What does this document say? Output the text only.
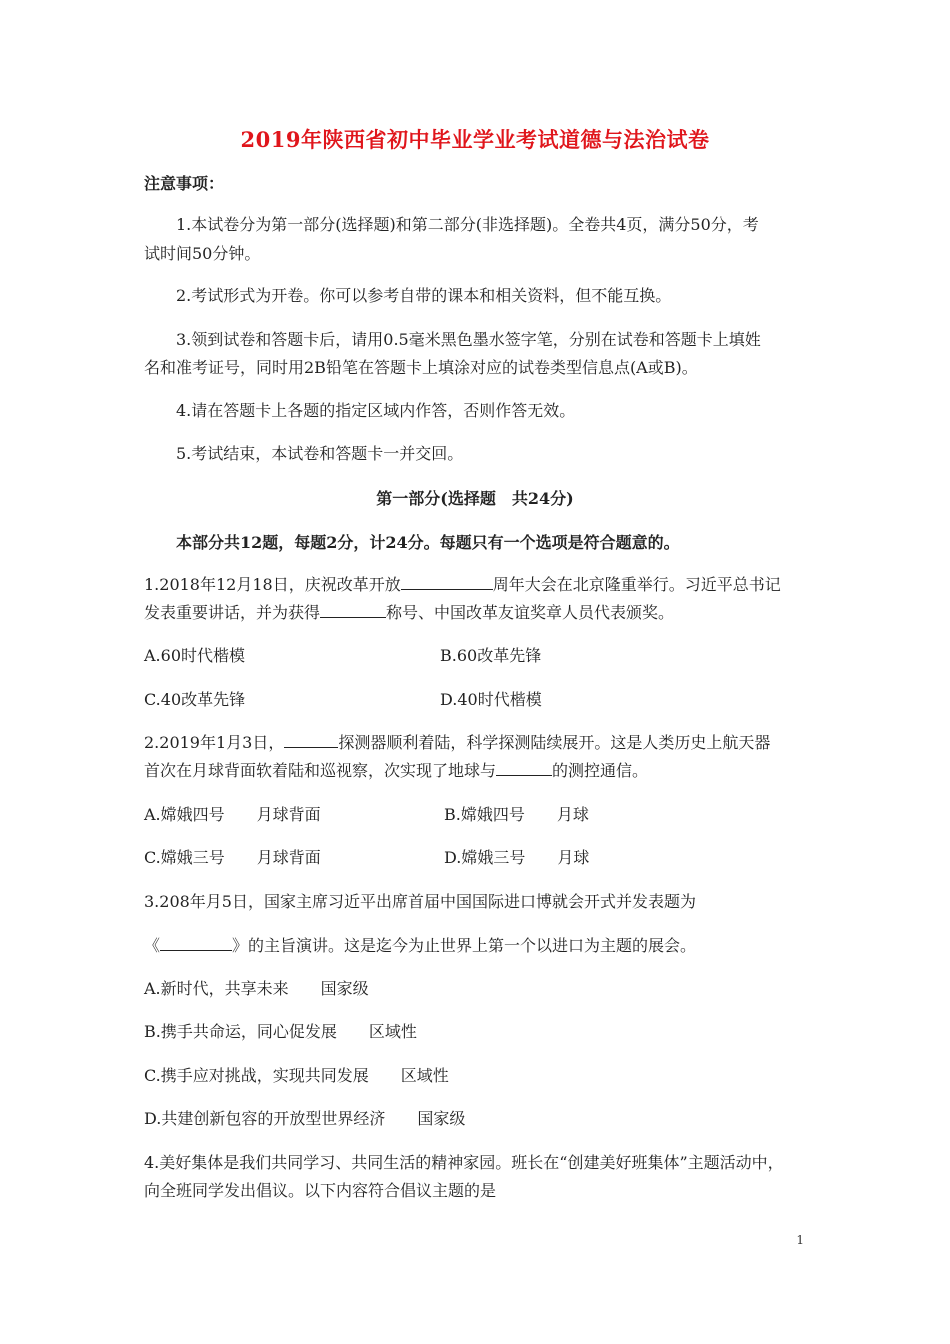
2019年陕西省初中毕业学业考试道德与法治试卷
注意事项：
1.本试卷分为第一部分(选择题)和第二部分(非选择题)。全卷共4页，满分50分，考
试时间50分钟。
2.考试形式为开卷。你可以参考自带的课本和相关资料，但不能互换。
3.领到试卷和答题卡后，请用0.5毫米黑色墨水签字笔，分别在试卷和答题卡上填姓
名和准考证号，同时用2B铅笔在答题卡上填涂对应的试卷类型信息点(A或B)。
4.请在答题卡上各题的指定区域内作答，否则作答无效。
5.考试结束，本试卷和答题卡一并交回。
第一部分(选择题　共24分)
本部分共12题，每题2分，计24分。每题只有一个选项是符合题意的。
1.2018年12月18日，庆祝改革开放	周年大会在北京隆重举行。习近平总书记
发表重要讲话，并为获得	称号、中国改革友谊奖章人员代表颁奖。
A.60时代楷模	B.60改革先锋
C.40改革先锋	D.40时代楷模
2.2019年1月3日，	探测器顺利着陆，科学探测陆续展开。这是人类历史上航天器
首次在月球背面软着陆和巡视察，次实现了地球与	的测控通信。
A.嫦娥四号　　月球背面	B.嫦娥四号　　月球
C.嫦娥三号　　月球背面	D.嫦娥三号　　月球
3.208年月5日，国家主席习近平出席首届中国国际进口博就会开式并发表题为
《	》的主旨演讲。这是迄今为止世界上第一个以进口为主题的展会。
A.新时代，共享未来　　国家级
B.携手共命运，同心促发展　　区域性
C.携手应对挑战，实现共同发展　　区域性
D.共建创新包容的开放型世界经济　　国家级
4.美好集体是我们共同学习、共同生活的精神家园。班长在“创建美好班集体”主题活动中，
向全班同学发出倡议。以下内容符合倡议主题的是
1
